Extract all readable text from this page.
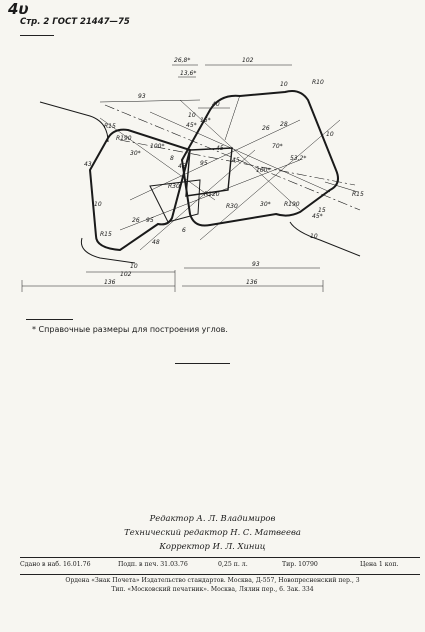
4υ
Стр. 2 ГОСТ 21447—75
26,8*
13,6*
102
93
10	R10
R15
40
10
45*
15*
R190
100*
30*
8
45 95
43
26
10
R30
45
45
R120
100*
28
70*
53,2*
R190
30*
R30
45*
10
15
R15
95
26
6
48
10
102
93
136	136
10
R15
* Справочные размеры для построения углов.
Редактор А. Л. Владимиров
Технический редактор Н. С. Матвеева
Корректор И. Л. Хиниц
Сдано в наб. 16.01.76	Подп. в печ. 31.03.76	0,25 п. л.	Тир. 10790	Цена 1 коп.
Ордена «Знак Почета» Издательство стандартов. Москва, Д-557, Новопресненский пер., 3
Тип. «Московский печатник». Москва, Лялин пер., 6. Зак. 334
